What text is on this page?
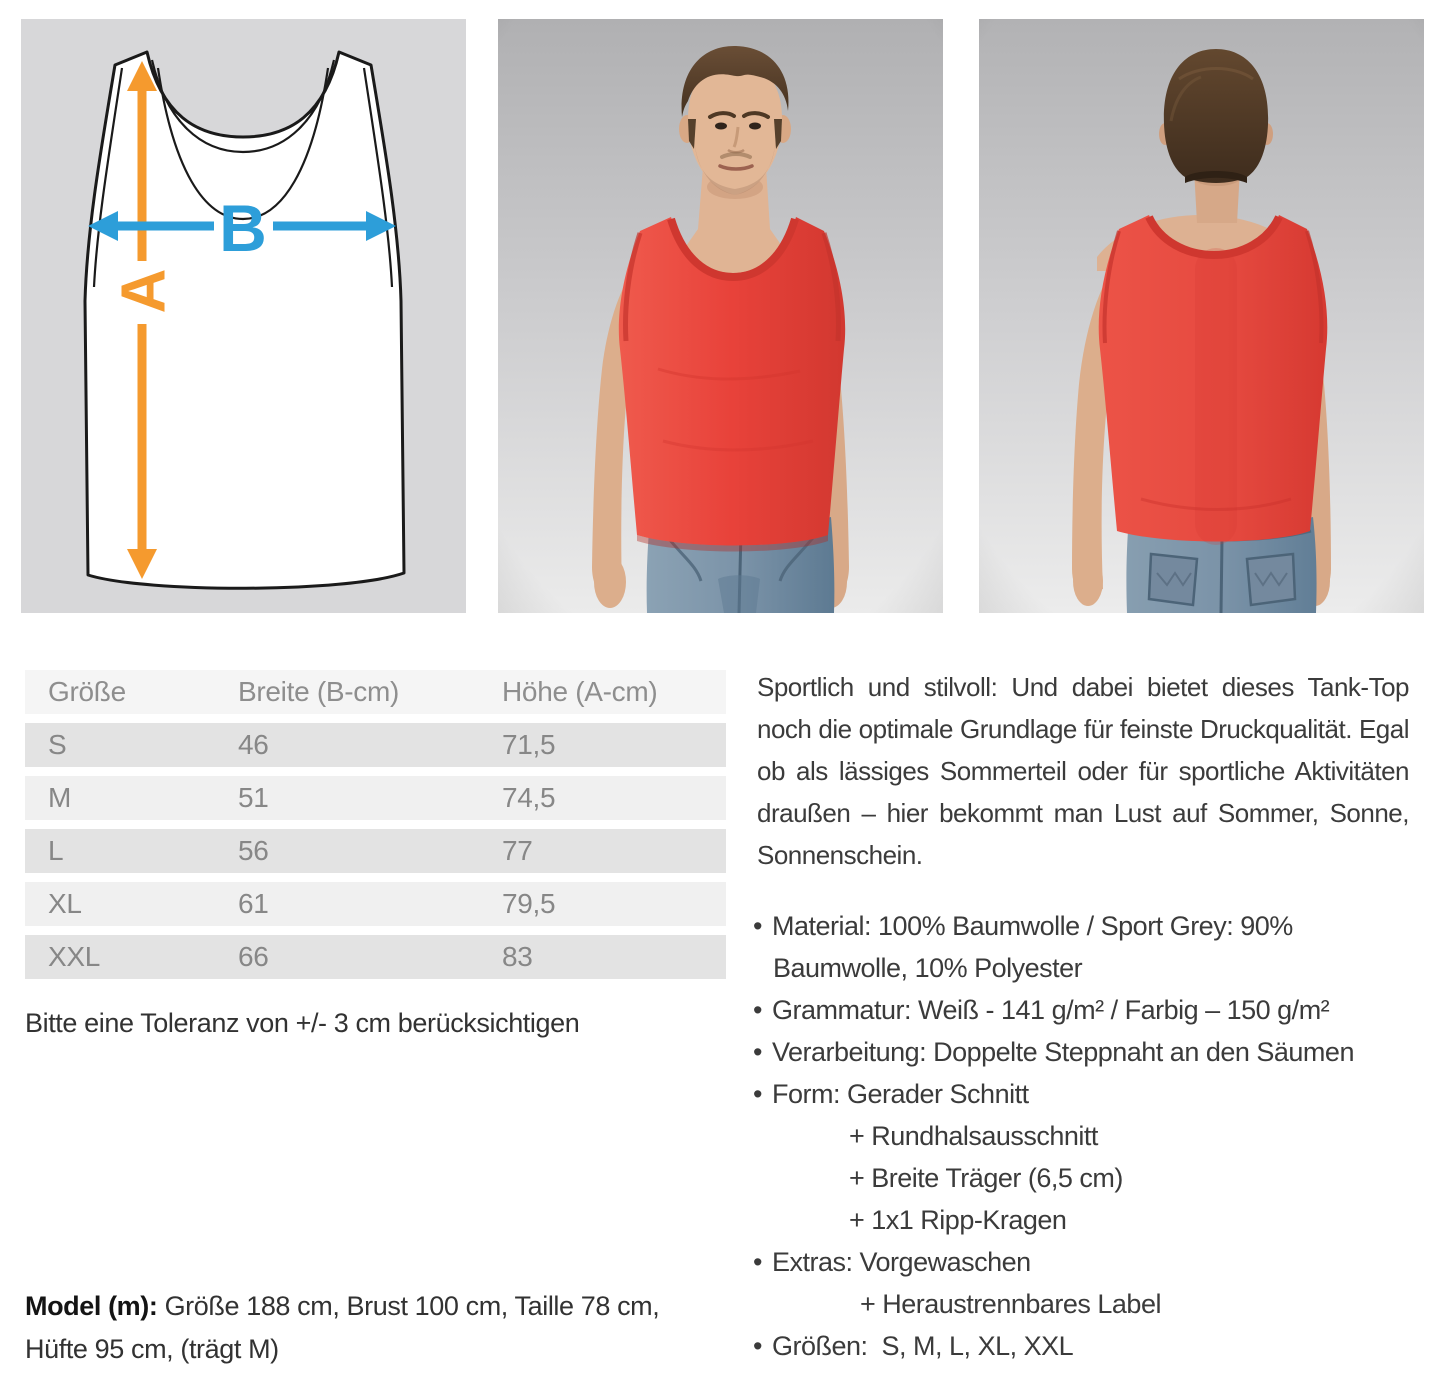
A
B
Größe	Breite (B-cm)	Höhe (A-cm)
S	46	71,5
M	51	74,5
L	56	77
XL	61	79,5
XXL	66	83
Bitte eine Toleranz von +/- 3 cm berücksichtigen
Model (m): Größe 188 cm, Brust 100 cm, Taille 78 cm,
Hüfte 95 cm, (trägt M)
Sportlich und stilvoll: Und dabei bietet dieses Tank-Top noch die optimale Grundlage für feinste Druckqualität. Egal ob als lässiges Sommerteil oder für sportliche Aktivitäten draußen – hier bekommt man Lust auf Sommer, Sonne, Sonnenschein.
• Material: 100% Baumwolle / Sport Grey: 90%
Baumwolle, 10% Polyester
• Grammatur: Weiß - 141 g/m² / Farbig – 150 g/m²
• Verarbeitung: Doppelte Steppnaht an den Säumen
• Form: Gerader Schnitt
+ Rundhalsausschnitt
+ Breite Träger (6,5 cm)
+ 1x1 Ripp-Kragen
• Extras: Vorgewaschen
+ Heraustrennbares Label
• Größen:  S, M, L, XL, XXL
